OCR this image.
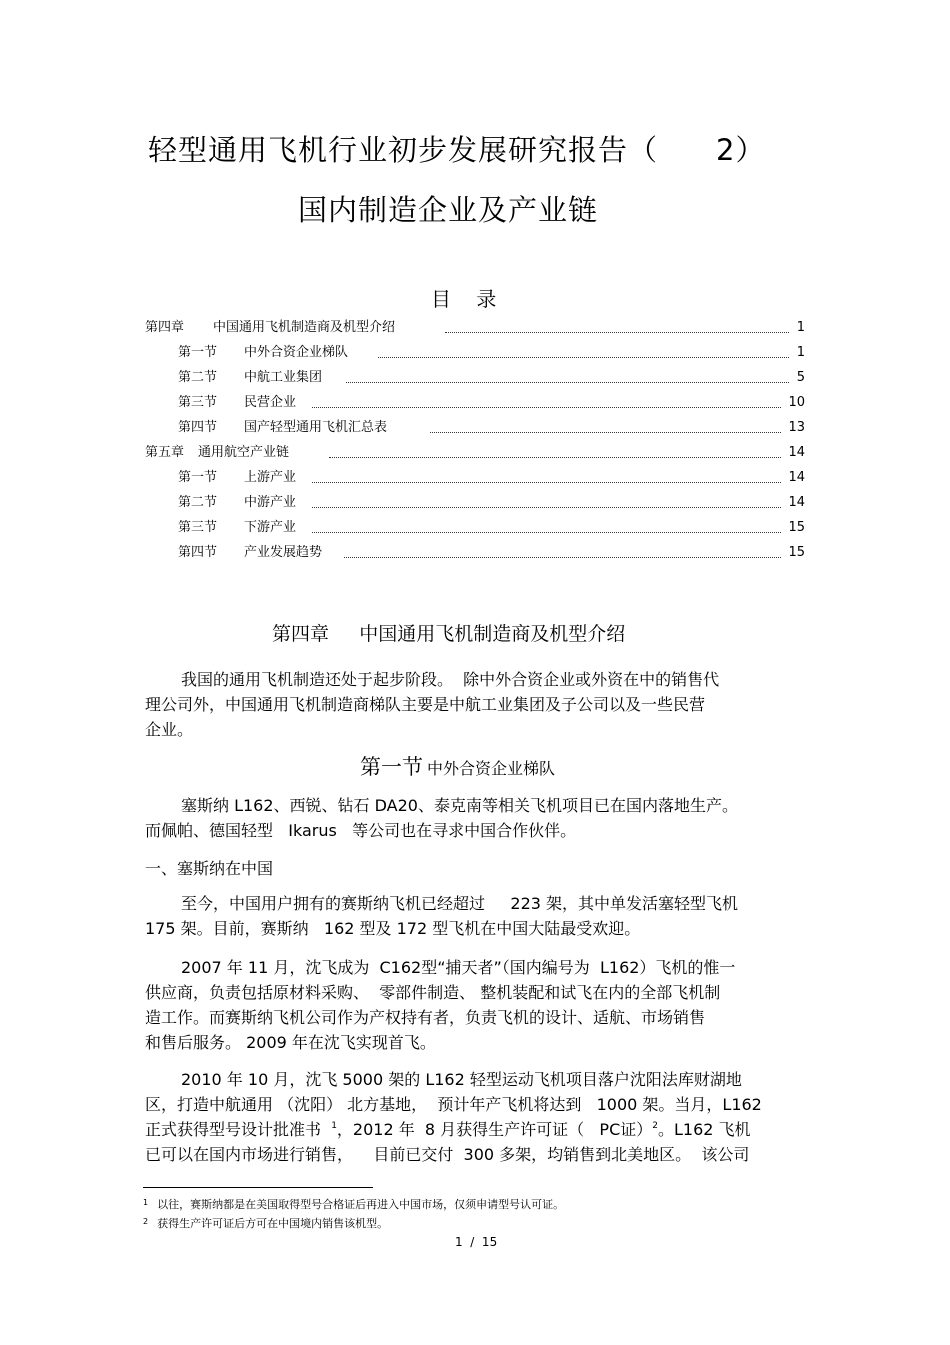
轻型通用飞机行业初步发展研究报告（ 2）
国内制造企业及产业链
目    录
第四章 中国通用飞机制造商及机型介绍	1
第一节 中外合资企业梯队	1
第二节 中航工业集团	5
第三节 民营企业	10
第四节 国产轻型通用飞机汇总表	13
第五章 通用航空产业链	14
第一节 上游产业	14
第二节 中游产业	14
第三节 下游产业	15
第四节 产业发展趋势	15
第四章     中国通用飞机制造商及机型介绍
我国的通用飞机制造还处于起步阶段。  除中外合资企业或外资在中的销售代
理公司外，中国通用飞机制造商梯队主要是中航工业集团及子公司以及一些民营
企业。
第一节 中外合资企业梯队
塞斯纳 L162、西锐、钻石 DA20、泰克南等相关飞机项目已在国内落地生产。
而佩帕、德国轻型   Ikarus   等公司也在寻求中国合作伙伴。
一、塞斯纳在中国
至今，中国用户拥有的赛斯纳飞机已经超过     223 架，其中单发活塞轻型飞机
175 架。目前，赛斯纳   162 型及 172 型飞机在中国大陆最受欢迎。
2007 年 11 月，沈飞成为  C162型“捕天者”（国内编号为  L162）飞机的惟一
供应商，负责包括原材料采购、  零部件制造、 整机装配和试飞在内的全部飞机制
造工作。而赛斯纳飞机公司作为产权持有者，负责飞机的设计、适航、市场销售
和售后服务。 2009 年在沈飞实现首飞。
2010 年 10 月，沈飞 5000 架的 L162 轻型运动飞机项目落户沈阳法库财湖地
区，打造中航通用 （沈阳） 北方基地，  预计年产飞机将达到   1000 架。当月，L162
正式获得型号设计批准书  $^1$，2012 年  8 月获得生产许可证（   PC证）$^2$。L162 飞机
已可以在国内市场进行销售，    目前已交付  300 多架，均销售到北美地区。  该公司
$^1$ 以往，赛斯纳都是在美国取得型号合格证后再进入中国市场，仅须申请型号认可证。
$^2$ 获得生产许可证后方可在中国境内销售该机型。
1  /  15
